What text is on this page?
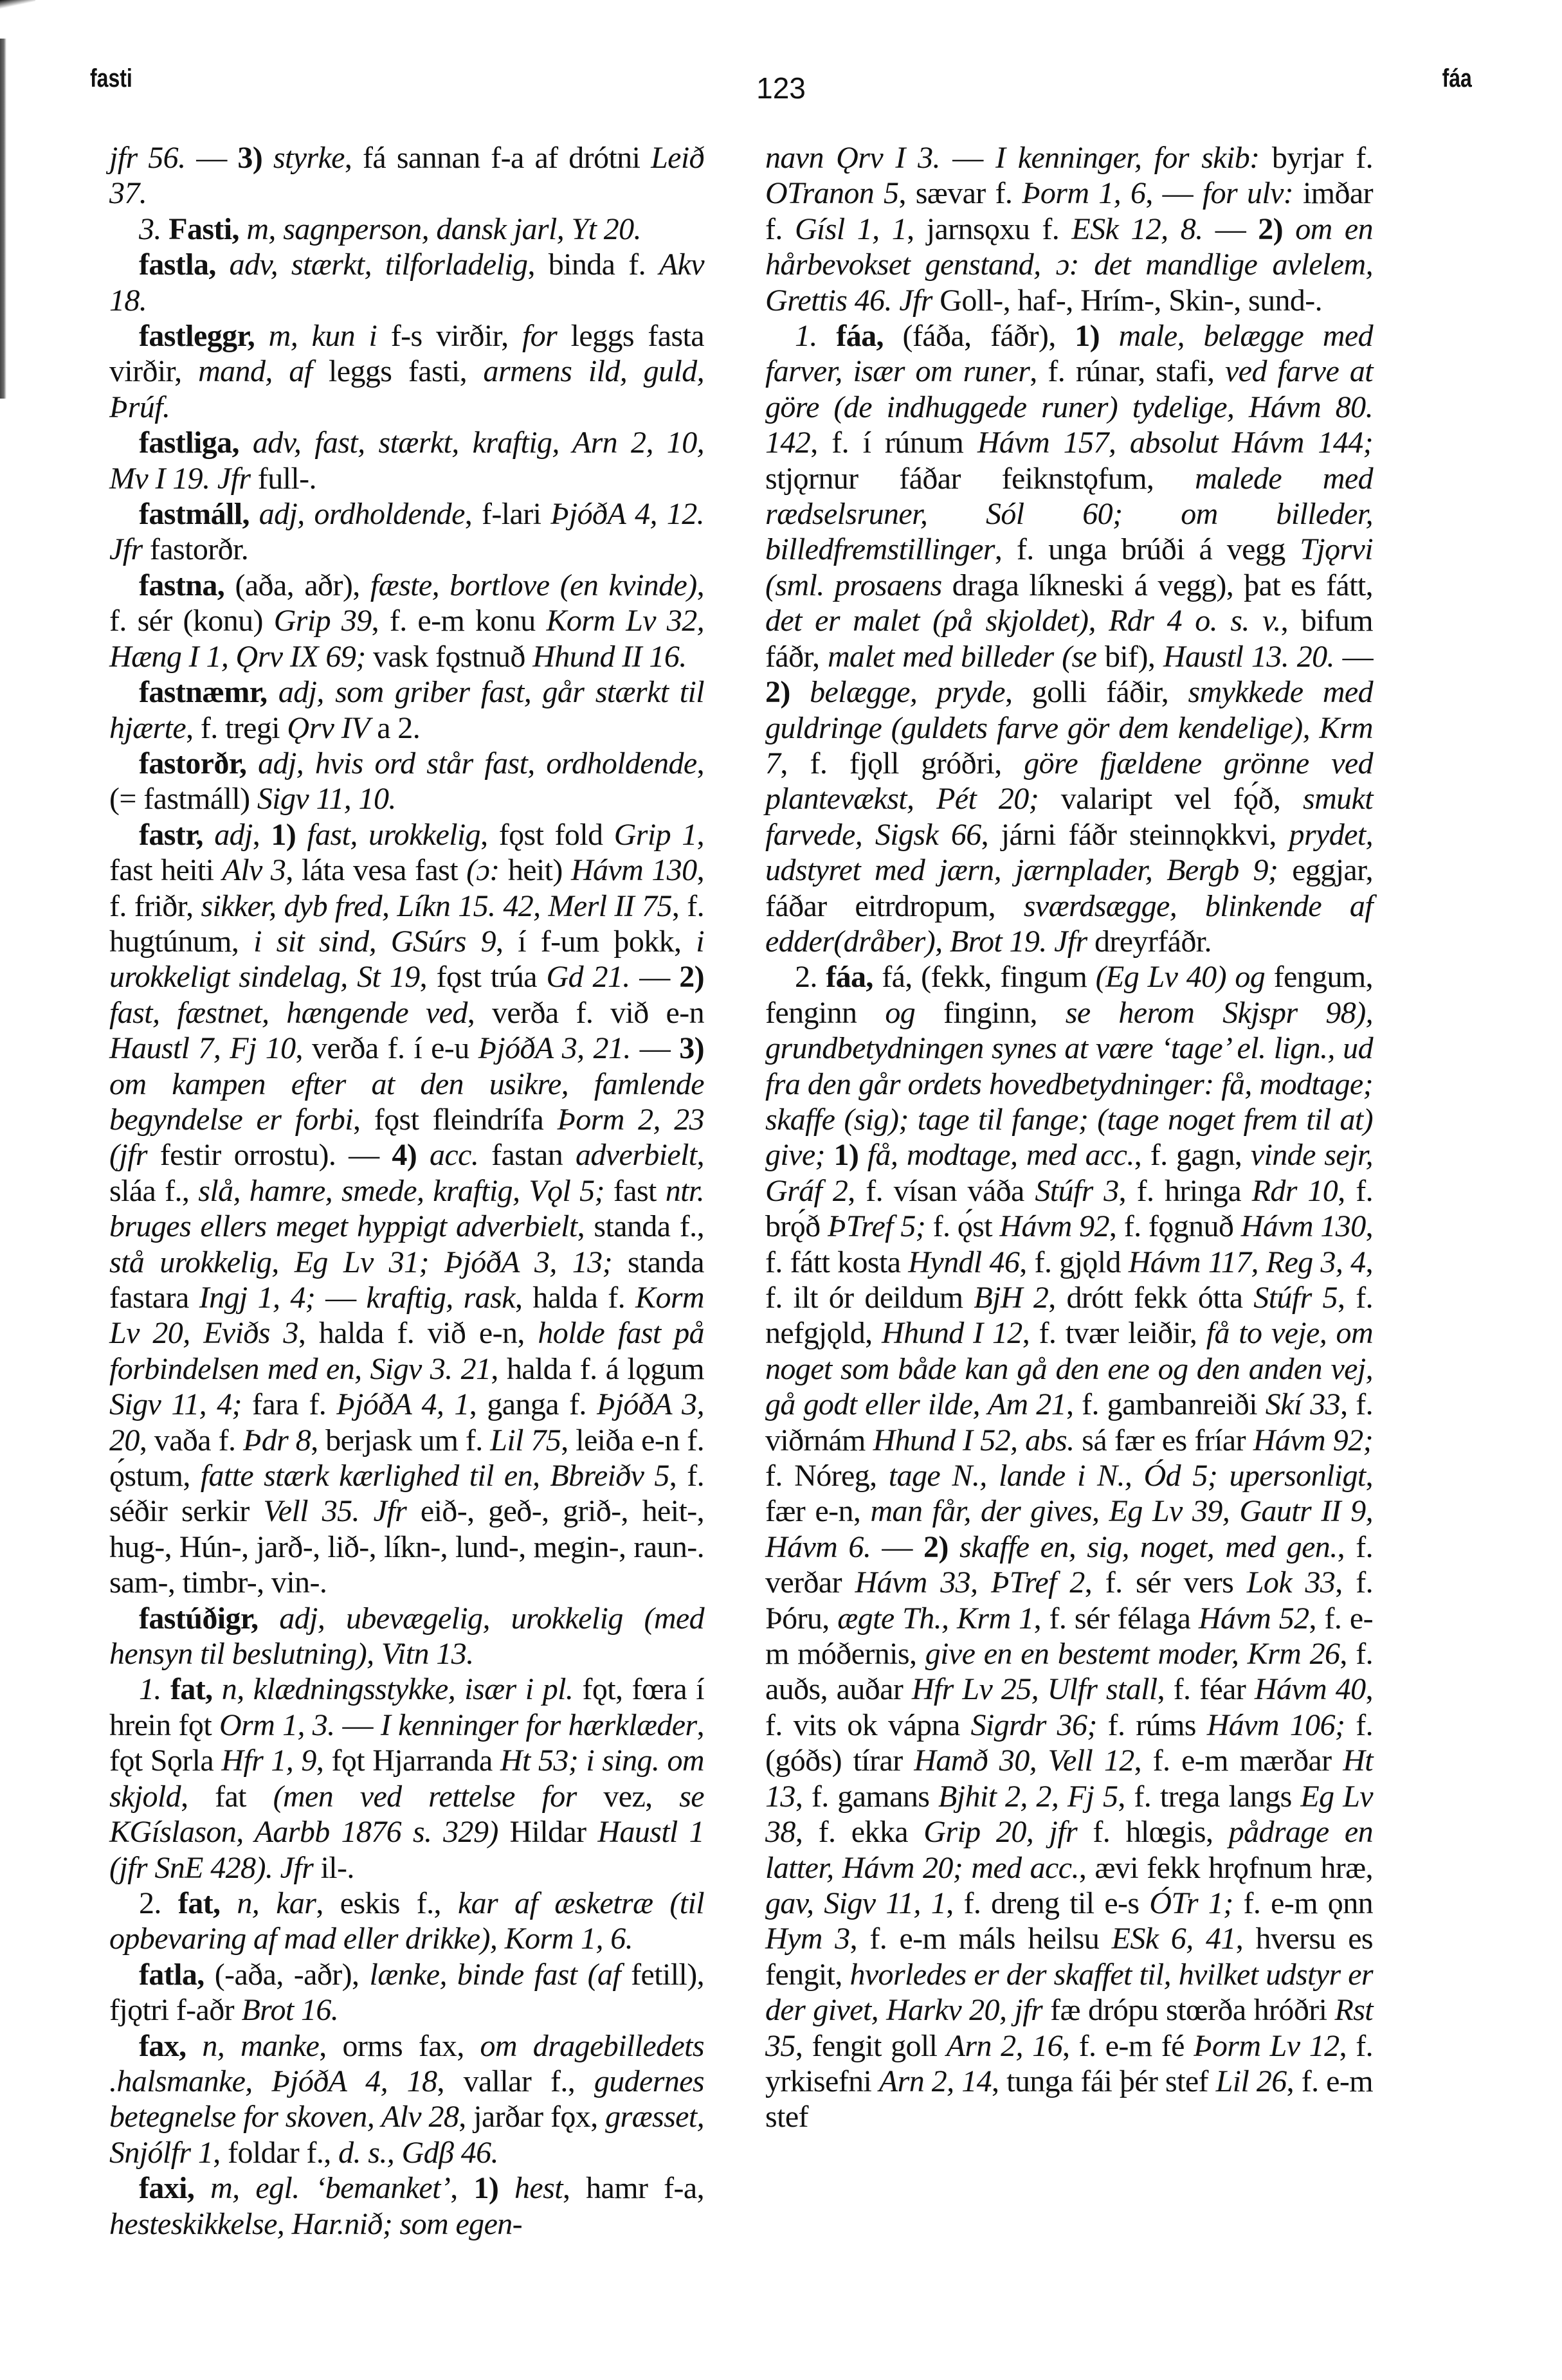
fasti	123	fáa

jfr 56. — 3) styrke, fá sannan f-a af drótni Leið 37.

3. Fasti, m, sagnperson, dansk jarl, Yt 20.

fastla, adv, stærkt, tilforladelig, binda f. Akv 18.

fastleggr, m, kun i f-s virðir, for leggs fasta virðir, mand, af leggs fasti, armens ild, guld, Þrúf.

fastliga, adv, fast, stærkt, kraftig, Arn 2, 10, Mv I 19. Jfr full-.

fastmáll, adj, ordholdende, f-lari ÞjóðA 4, 12. Jfr fastorðr.

fastna, (aða, aðr), fæste, bortlove (en kvinde), f. sér (konu) Grip 39, f. e-m konu Korm Lv 32, Hæng I 1, Ǫrv IX 69; vask fǫstnuð Hhund II 16.

fastnæmr, adj, som griber fast, går stærkt til hjærte, f. tregi Ǫrv IV a 2.

fastorðr, adj, hvis ord står fast, ordholdende, (= fastmáll) Sigv 11, 10.

fastr, adj, 1) fast, urokkelig, fǫst fold Grip 1, fast heiti Alv 3, láta vesa fast (ɔ: heit) Hávm 130, f. friðr, sikker, dyb fred, Líkn 15. 42, Merl II 75, f. hugtúnum, i sit sind, GSúrs 9, í f-um þokk, i urokkeligt sindelag, St 19, fǫst trúa Gd 21. — 2) fast, fæstnet, hængende ved, verða f. við e-n Haustl 7, Fj 10, verða f. í e-u ÞjóðA 3, 21. — 3) om kampen efter at den usikre, famlende begyndelse er forbi, fǫst fleindrífa Þorm 2, 23 (jfr festir orrostu). — 4) acc. fastan adverbielt, sláa f., slå, hamre, smede, kraftig, Vǫl 5; fast ntr. bruges ellers meget hyppigt adverbielt, standa f., stå urokkelig, Eg Lv 31; ÞjóðA 3, 13; standa fastara Ingj 1, 4; — kraftig, rask, halda f. Korm Lv 20, Eviðs 3, halda f. við e-n, holde fast på forbindelsen med en, Sigv 3. 21, halda f. á lǫgum Sigv 11, 4; fara f. ÞjóðA 4, 1, ganga f. ÞjóðA 3, 20, vaða f. Þdr 8, berjask um f. Lil 75, leiða e-n f. ǫ́stum, fatte stærk kærlighed til en, Bbreiðv 5, f. séðir serkir Vell 35. Jfr eið-, geð-, grið-, heit-, hug-, Hún-, jarð-, lið-, líkn-, lund-, megin-, raun-. sam-, timbr-, vin-.

fastúðigr, adj, ubevægelig, urokkelig (med hensyn til beslutning), Vitn 13.

1. fat, n, klædningsstykke, især i pl. fǫt, fœra í hrein fǫt Orm 1, 3. — I kenninger for hærklæder, fǫt Sǫrla Hfr 1, 9, fǫt Hjarranda Ht 53; i sing. om skjold, fat (men ved rettelse for vez, se KGíslason, Aarbb 1876 s. 329) Hildar Haustl 1 (jfr SnE 428). Jfr il-.

2. fat, n, kar, eskis f., kar af æsketræ (til opbevaring af mad eller drikke), Korm 1, 6.

fatla, (-aða, -aðr), lænke, binde fast (af fetill), fjǫtri f-aðr Brot 16.

fax, n, manke, orms fax, om dragebilledets .halsmanke, ÞjóðA 4, 18, vallar f., gudernes betegnelse for skoven, Alv 28, jarðar fǫx, græsset, Snjólfr 1, foldar f., d. s., Gdβ 46.

faxi, m, egl. ‘bemanket’, 1) hest, hamr f-a, hesteskikkelse, Har.nið; som egen-

navn Ǫrv I 3. — I kenninger, for skib: byrjar f. OTranon 5, sævar f. Þorm 1, 6, — for ulv: imðar f. Gísl 1, 1, jarnsǫxu f. ESk 12, 8. — 2) om en hårbevokset genstand, ɔ: det mandlige avlelem, Grettis 46. Jfr Goll-, haf-, Hrím-, Skin-, sund-.

1. fáa, (fáða, fáðr), 1) male, belægge med farver, især om runer, f. rúnar, stafi, ved farve at göre (de indhuggede runer) tydelige, Hávm 80. 142, f. í rúnum Hávm 157, absolut Hávm 144; stjǫrnur fáðar feiknstǫfum, malede med rædselsruner, Sól 60; om billeder, billedfremstillinger, f. unga brúði á vegg Tjǫrvi (sml. prosaens draga líkneski á vegg), þat es fátt, det er malet (på skjoldet), Rdr 4 o. s. v., bifum fáðr, malet med billeder (se bif), Haustl 13. 20. — 2) belægge, pryde, golli fáðir, smykkede med guldringe (guldets farve gör dem kendelige), Krm 7, f. fjǫll gróðri, göre fjældene grönne ved plantevækst, Pét 20; valaript vel fǫ́ð, smukt farvede, Sigsk 66, járni fáðr steinnǫkkvi, prydet, udstyret med jærn, jærnplader, Bergb 9; eggjar, fáðar eitrdropum, sværdsægge, blinkende af edder(dråber), Brot 19. Jfr dreyrfáðr.

2. fáa, fá, (fekk, fingum (Eg Lv 40) og fengum, fenginn og finginn, se herom Skjspr 98), grundbetydningen synes at være ‘tage’ el. lign., ud fra den går ordets hovedbetydninger: få, modtage; skaffe (sig); tage til fange; (tage noget frem til at) give; 1) få, modtage, med acc., f. gagn, vinde sejr, Gráf 2, f. vísan váða Stúfr 3, f. hringa Rdr 10, f. brǫ́ð ÞTref 5; f. ǫ́st Hávm 92, f. fǫgnuð Hávm 130, f. fátt kosta Hyndl 46, f. gjǫld Hávm 117, Reg 3, 4, f. ilt ór deildum BjH 2, drótt fekk ótta Stúfr 5, f. nefgjǫld, Hhund I 12, f. tvær leiðir, få to veje, om noget som både kan gå den ene og den anden vej, gå godt eller ilde, Am 21, f. gambanreiði Skí 33, f. viðrnám Hhund I 52, abs. sá fær es fríar Hávm 92; f. Nóreg, tage N., lande i N., Ód 5; upersonligt, fær e-n, man får, der gives, Eg Lv 39, Gautr II 9, Hávm 6. — 2) skaffe en, sig, noget, med gen., f. verðar Hávm 33, ÞTref 2, f. sér vers Lok 33, f. Þóru, ægte Th., Krm 1, f. sér félaga Hávm 52, f. e-m móðernis, give en en bestemt moder, Krm 26, f. auðs, auðar Hfr Lv 25, Ulfr stall, f. féar Hávm 40, f. vits ok vápna Sigrdr 36; f. rúms Hávm 106; f. (góðs) tírar Hamð 30, Vell 12, f. e-m mærðar Ht 13, f. gamans Bjhit 2, 2, Fj 5, f. trega langs Eg Lv 38, f. ekka Grip 20, jfr f. hlœgis, pådrage en latter, Hávm 20; med acc., ævi fekk hrǫfnum hræ, gav, Sigv 11, 1, f. dreng til e-s ÓTr 1; f. e-m ǫnn Hym 3, f. e-m máls heilsu ESk 6, 41, hversu es fengit, hvorledes er der skaffet til, hvilket udstyr er der givet, Harkv 20, jfr fæ drópu stœrða hróðri Rst 35, fengit goll Arn 2, 16, f. e-m fé Þorm Lv 12, f. yrkisefni Arn 2, 14, tunga fái þér stef Lil 26, f. e-m stef
